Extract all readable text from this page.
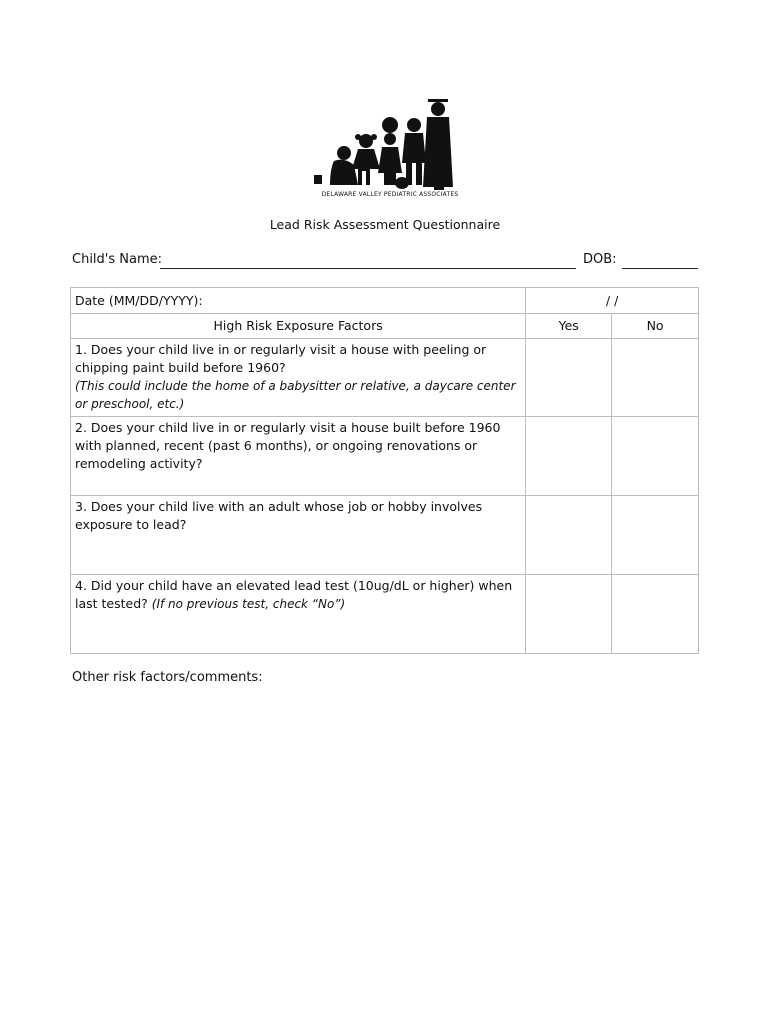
DELAWARE VALLEY PEDIATRIC ASSOCIATES
Lead Risk Assessment Questionnaire
Child's Name:	DOB:
Date (MM/DD/YYYY):	/ /	
High Risk Exposure Factors	Yes	No

1. Does your child live in or regularly visit a house with peeling or chipping paint build before 1960?
(This could include the home of a babysitter or relative, a daycare center or preschool, etc.)		

2. Does your child live in or regularly visit a house built before 1960 with planned, recent (past 6 months), or ongoing renovations or remodeling activity?		

3. Does your child live with an adult whose job or hobby involves exposure to lead?		

4. Did your child have an elevated lead test (10ug/dL or higher) when last tested? (If no previous test, check “No”)		
Other risk factors/comments:
